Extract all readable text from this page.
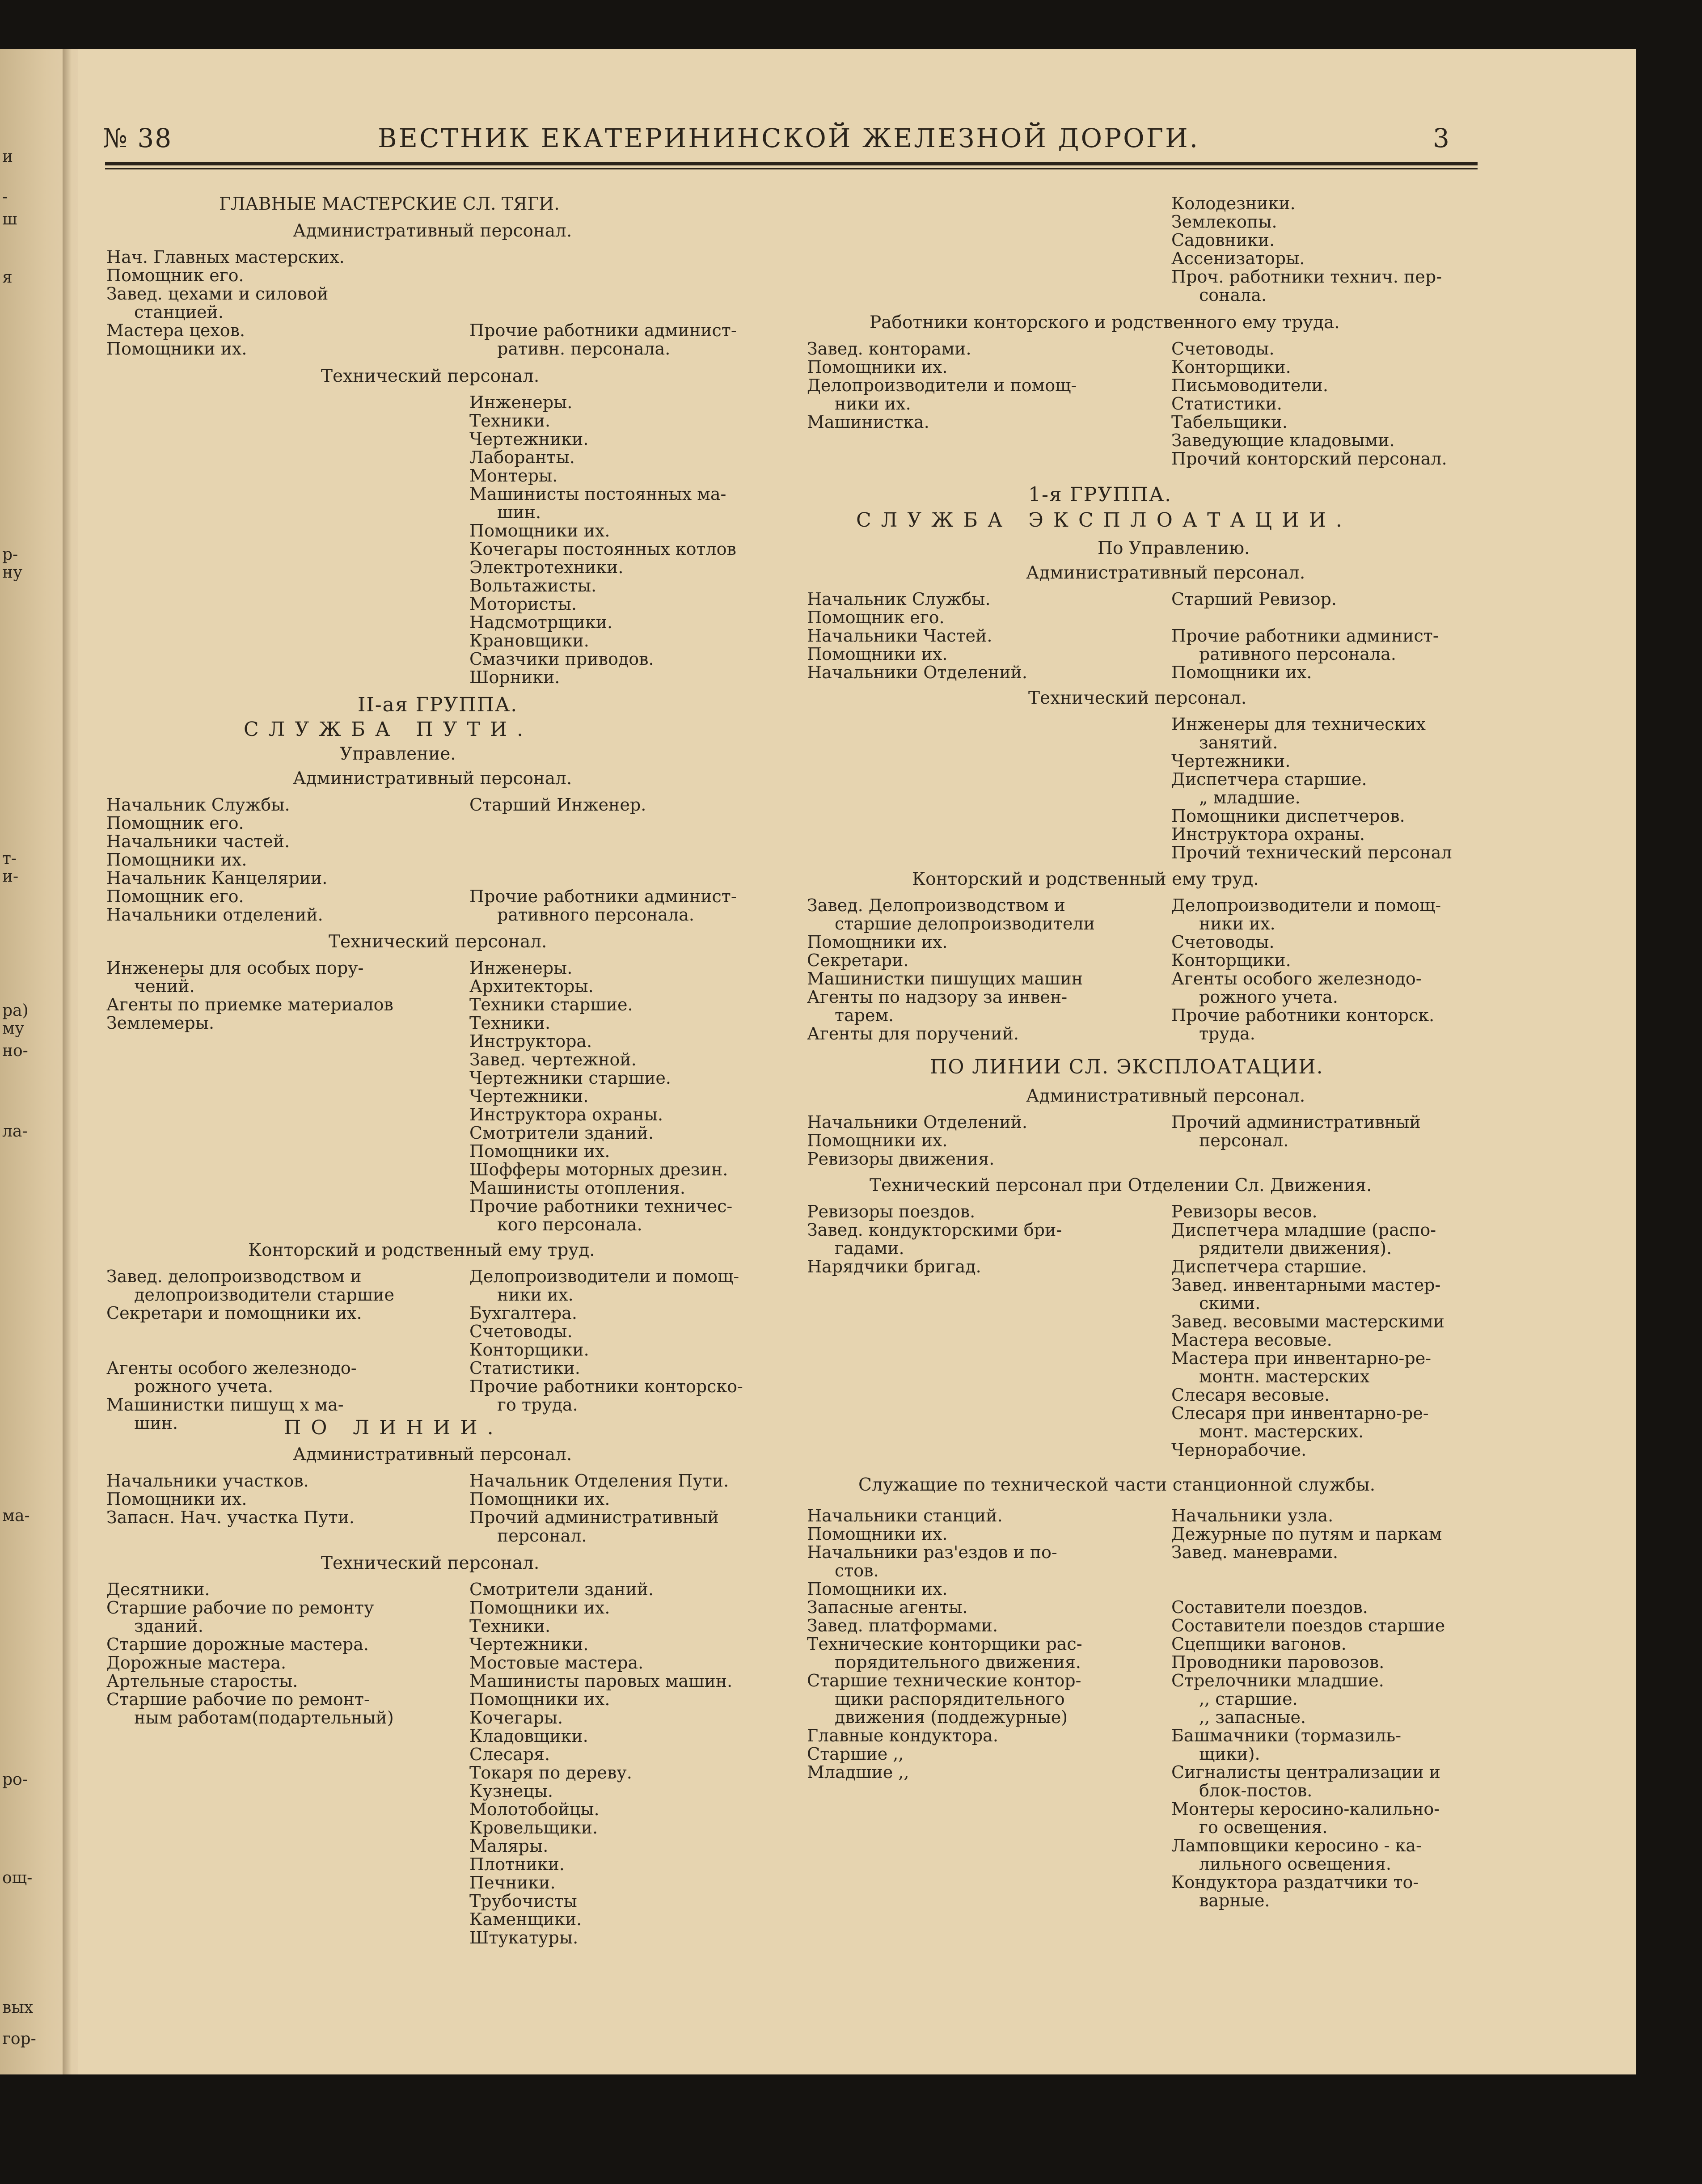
и
-
ш
я
р-
ну
т-
и-
ра)
му
но-
ла-
ма-
ро-
ощ-
вых
гор-
№ 38	ВЕСТНИК ЕКАТЕРИНИНСКОЙ ЖЕЛЕЗНОЙ ДОРОГИ.	3
ГЛАВНЫЕ МАСТЕРСКИЕ СЛ. ТЯГИ.
Административный персонал.
Нач. Главных мастерских.
Помощник его.
Завед. цехами и силовой
станцией.
Мастера цехов.
Помощники их.
Прочие работники админист-
ративн. персонала.
Технический персонал.
Инженеры.
Техники.
Чертежники.
Лаборанты.
Монтеры.
Машинисты постоянных ма-
шин.
Помощники их.
Кочегары постоянных котлов
Электротехники.
Вольтажисты.
Мотористы.
Надсмотрщики.
Крановщики.
Смазчики приводов.
Шорники.
II-ая ГРУППА.
СЛУЖБА ПУТИ.
Управление.
Административный персонал.
Начальник Службы.
Помощник его.
Начальники частей.
Помощники их.
Начальник Канцелярии.
Помощник его.
Начальники отделений.
Старший Инженер.
Прочие работники админист-
ративного персонала.
Технический персонал.
Инженеры для особых пору-
чений.
Агенты по приемке материалов
Землемеры.
Инженеры.
Архитекторы.
Техники старшие.
Техники.
Инструктора.
Завед. чертежной.
Чертежники старшие.
Чертежники.
Инструктора охраны.
Смотрители зданий.
Помощники их.
Шофферы моторных дрезин.
Машинисты отопления.
Прочие работники техничес-
кого персонала.
Конторский и родственный ему труд.
Завед. делопроизводством и
делопроизводители старшие
Секретари и помощники их.
Агенты особого железнодо-
рожного учета.
Машинистки пишущ х ма-
шин.
Делопроизводители и помощ-
ники их.
Бухгалтера.
Счетоводы.
Конторщики.
Статистики.
Прочие работники конторско-
го труда.
ПО ЛИНИИ.
Административный персонал.
Начальники участков.
Помощники их.
Запасн. Нач. участка Пути.
Начальник Отделения Пути.
Помощники их.
Прочий административный
персонал.
Технический персонал.
Десятники.
Старшие рабочие по ремонту
зданий.
Старшие дорожные мастера.
Дорожные мастера.
Артельные старосты.
Старшие рабочие по ремонт-
ным работам(подартельный)
Смотрители зданий.
Помощники их.
Техники.
Чертежники.
Мостовые мастера.
Машинисты паровых машин.
Помощники их.
Кочегары.
Кладовщики.
Слесаря.
Токаря по дереву.
Кузнецы.
Молотобойцы.
Кровельщики.
Маляры.
Плотники.
Печники.
Трубочисты
Каменщики.
Штукатуры.
Колодезники.
Землекопы.
Садовники.
Ассенизаторы.
Проч. работники технич. пер-
сонала.
Работники конторского и родственного ему труда.
Завед. конторами.
Помощники их.
Делопроизводители и помощ-
ники их.
Машинистка.
Счетоводы.
Конторщики.
Письмоводители.
Статистики.
Табельщики.
Заведующие кладовыми.
Прочий конторский персонал.
1-я ГРУППА.
СЛУЖБА ЭКСПЛОАТАЦИИ.
По Управлению.
Административный персонал.
Начальник Службы.
Помощник его.
Начальники Частей.
Помощники их.
Начальники Отделений.
Старший Ревизор.
Прочие работники админист-
ративного персонала.
Помощники их.
Технический персонал.
Инженеры для технических
занятий.
Чертежники.
Диспетчера старшие.
„ младшие.
Помощники диспетчеров.
Инструктора охраны.
Прочий технический персонал
Конторский и родственный ему труд.
Завед. Делопроизводством и
старшие делопроизводители
Помощники их.
Секретари.
Машинистки пишущих машин
Агенты по надзору за инвен-
тарем.
Агенты для поручений.
Делопроизводители и помощ-
ники их.
Счетоводы.
Конторщики.
Агенты особого железнодо-
рожного учета.
Прочие работники конторск.
труда.
ПО ЛИНИИ СЛ. ЭКСПЛОАТАЦИИ.
Административный персонал.
Начальники Отделений.
Помощники их.
Ревизоры движения.
Прочий административный
персонал.
Технический персонал при Отделении Сл. Движения.
Ревизоры поездов.
Завед. кондукторскими бри-
гадами.
Нарядчики бригад.
Ревизоры весов.
Диспетчера младшие (распо-
рядители движения).
Диспетчера старшие.
Завед. инвентарными мастер-
скими.
Завед. весовыми мастерскими
Мастера весовые.
Мастера при инвентарно-ре-
монтн. мастерских
Слесаря весовые.
Слесаря при инвентарно-ре-
монт. мастерских.
Чернорабочие.
Служащие по технической части станционной службы.
Начальники станций.
Помощники их.
Начальники раз'ездов и по-
стов.
Помощники их.
Запасные агенты.
Завед. платформами.
Технические конторщики рас-
порядительного движения.
Старшие технические контор-
щики распорядительного
движения (поддежурные)
Главные кондуктора.
Старшие ,,
Младшие ,,
Начальники узла.
Дежурные по путям и паркам
Завед. маневрами.
Составители поездов.
Составители поездов старшие
Сцепщики вагонов.
Проводники паровозов.
Стрелочники младшие.
,, старшие.
,, запасные.
Башмачники (тормазиль-
щики).
Сигналисты централизации и
блок-постов.
Монтеры керосино-калильно-
го освещения.
Ламповщики керосино - ка-
лильного освещения.
Кондуктора раздатчики то-
варные.
